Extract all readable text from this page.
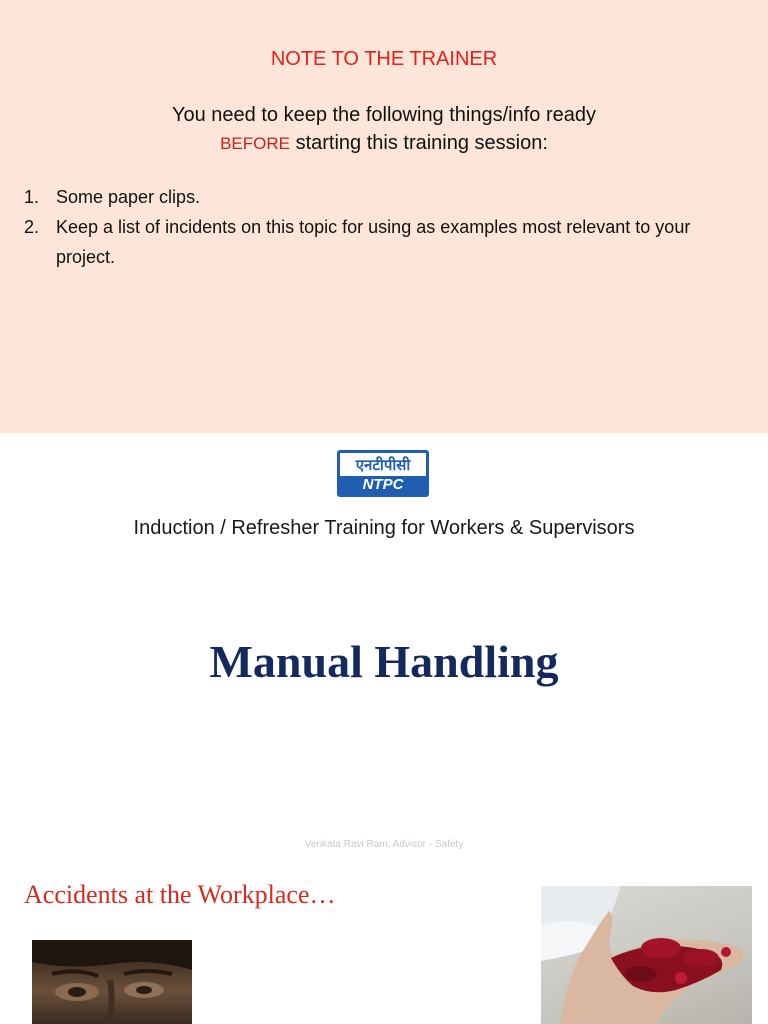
NOTE TO THE TRAINER
You need to keep the following things/info ready
BEFORE starting this training session:
1. Some paper clips.
2. Keep a list of incidents on this topic for using as examples most relevant to your project.
एनटीपीसी
NTPC
Induction / Refresher Training for Workers & Supervisors
Manual Handling
Venkata Ravi Ram, Advisor - Safety
Accidents at the Workplace…
